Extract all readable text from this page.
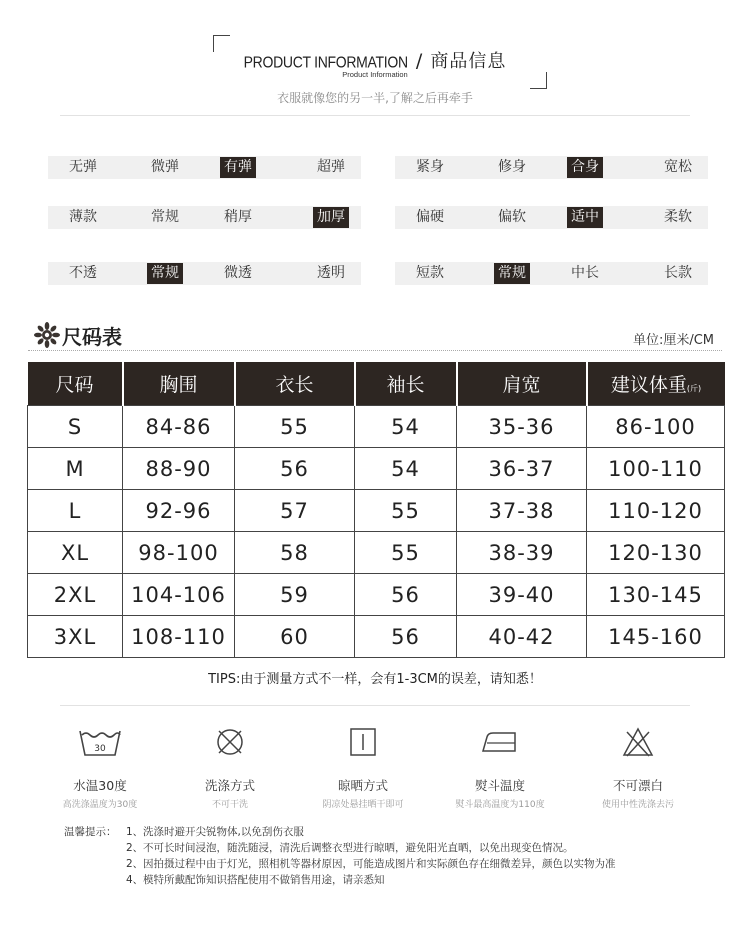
PRODUCT INFORMATION / 商品信息
Product Information
衣服就像您的另一半,了解之后再牵手
无弹	微弹	有弹	超弹	紧身	修身	合身	宽松
薄款	常规	稍厚	加厚	偏硬	偏软	适中	柔软
不透	常规	微透	透明	短款	常规	中长	长款
尺码表	单位:厘米/CM
尺码	胸围	衣长	袖长	肩宽	建议体重(斤)
S	84-86	55	54	35-36	86-100
M	88-90	56	54	36-37	100-110
L	92-96	57	55	37-38	110-120
XL	98-100	58	55	38-39	120-130
2XL	104-106	59	56	39-40	130-145
3XL	108-110	60	56	40-42	145-160
TIPS:由于测量方式不一样，会有1-3CM的误差，请知悉！
30
水温30度
高洗涤温度为30度
洗涤方式
不可干洗
晾晒方式
阴凉处悬挂晒干即可
熨斗温度
熨斗最高温度为110度
不可漂白
使用中性洗涤去污
温馨提示： 1、洗涤时避开尖锐物体,以免刮伤衣服
2、不可长时间浸泡，随洗随浸，清洗后调整衣型进行晾晒，避免阳光直晒，以免出现变色情况。
2、因拍摄过程中由于灯光，照相机等器材原因，可能造成图片和实际颜色存在细微差异，颜色以实物为准
4、模特所戴配饰知识搭配使用不做销售用途，请亲悉知
